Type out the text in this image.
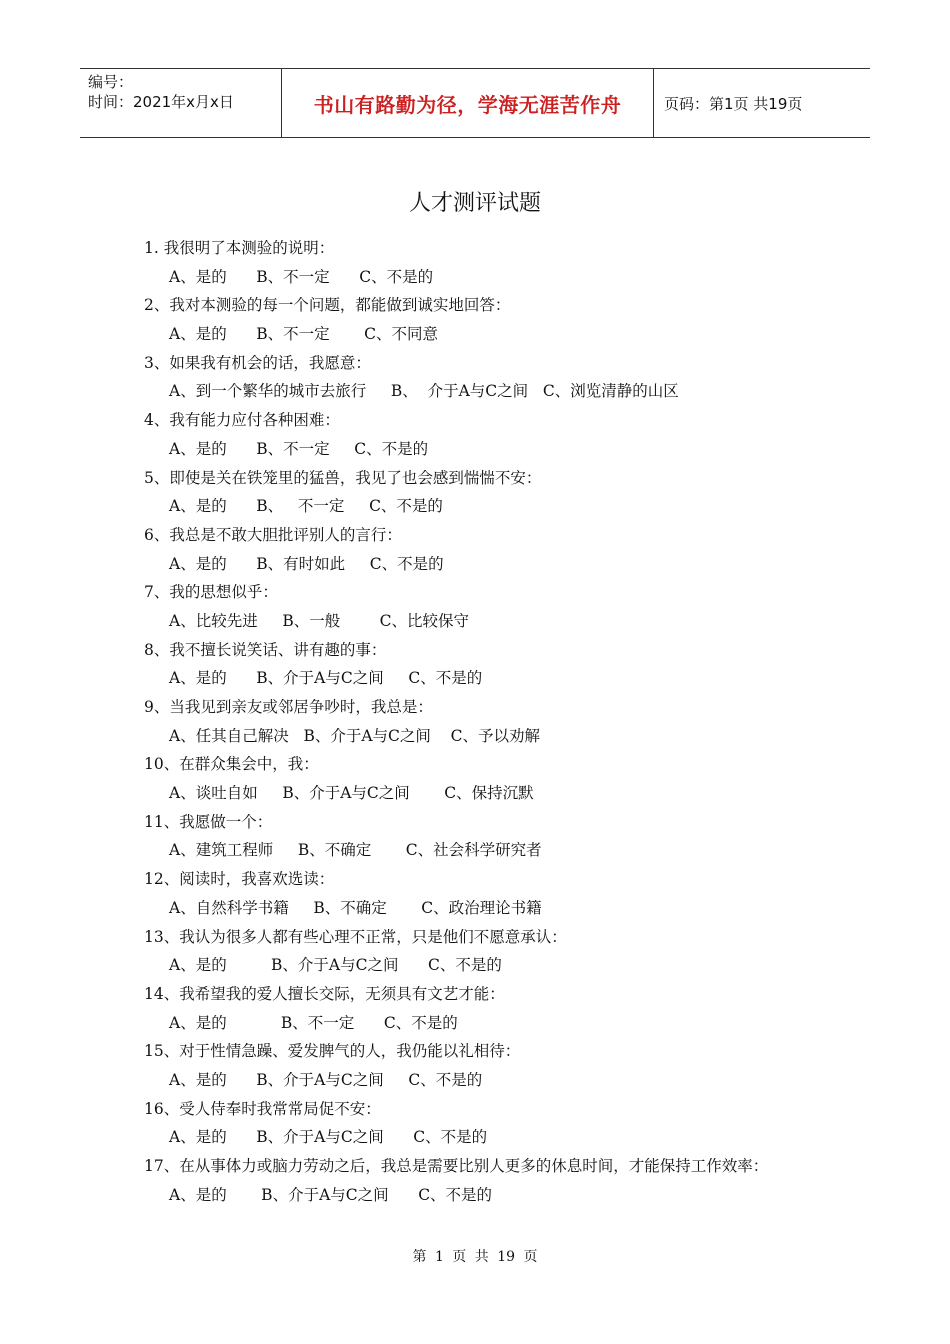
编号：
时间：2021年x月x日	书山有路勤为径，学海无涯苦作舟	页码：第1页 共19页
人才测评试题
1. 我很明了本测验的说明：
A、是的      B、不一定      C、不是的
2、我对本测验的每一个问题，都能做到诚实地回答：
A、是的      B、不一定       C、不同意
3、如果我有机会的话，我愿意：
A、到一个繁华的城市去旅行     B、  介于A与C之间   C、浏览清静的山区
4、我有能力应付各种困难：
A、是的      B、不一定     C、不是的
5、即使是关在铁笼里的猛兽，我见了也会感到惴惴不安：
A、是的      B、   不一定     C、不是的
6、我总是不敢大胆批评别人的言行：
A、是的      B、有时如此     C、不是的
7、我的思想似乎：
A、比较先进     B、一般        C、比较保守
8、我不擅长说笑话、讲有趣的事：
A、是的      B、介于A与C之间     C、不是的
9、当我见到亲友或邻居争吵时，我总是：
A、任其自己解决   B、介于A与C之间    C、予以劝解
10、在群众集会中，我：
A、谈吐自如     B、介于A与C之间       C、保持沉默
11、我愿做一个：
A、建筑工程师     B、不确定       C、社会科学研究者
12、阅读时，我喜欢选读：
A、自然科学书籍     B、不确定       C、政治理论书籍
13、我认为很多人都有些心理不正常，只是他们不愿意承认：
A、是的         B、介于A与C之间      C、不是的
14、我希望我的爱人擅长交际，无须具有文艺才能：
A、是的           B、不一定      C、不是的
15、对于性情急躁、爱发脾气的人，我仍能以礼相待：
A、是的      B、介于A与C之间     C、不是的
16、受人侍奉时我常常局促不安：
A、是的      B、介于A与C之间      C、不是的
17、在从事体力或脑力劳动之后，我总是需要比别人更多的休息时间，才能保持工作效率：
A、是的       B、介于A与C之间      C、不是的
第 1 页 共 19 页
